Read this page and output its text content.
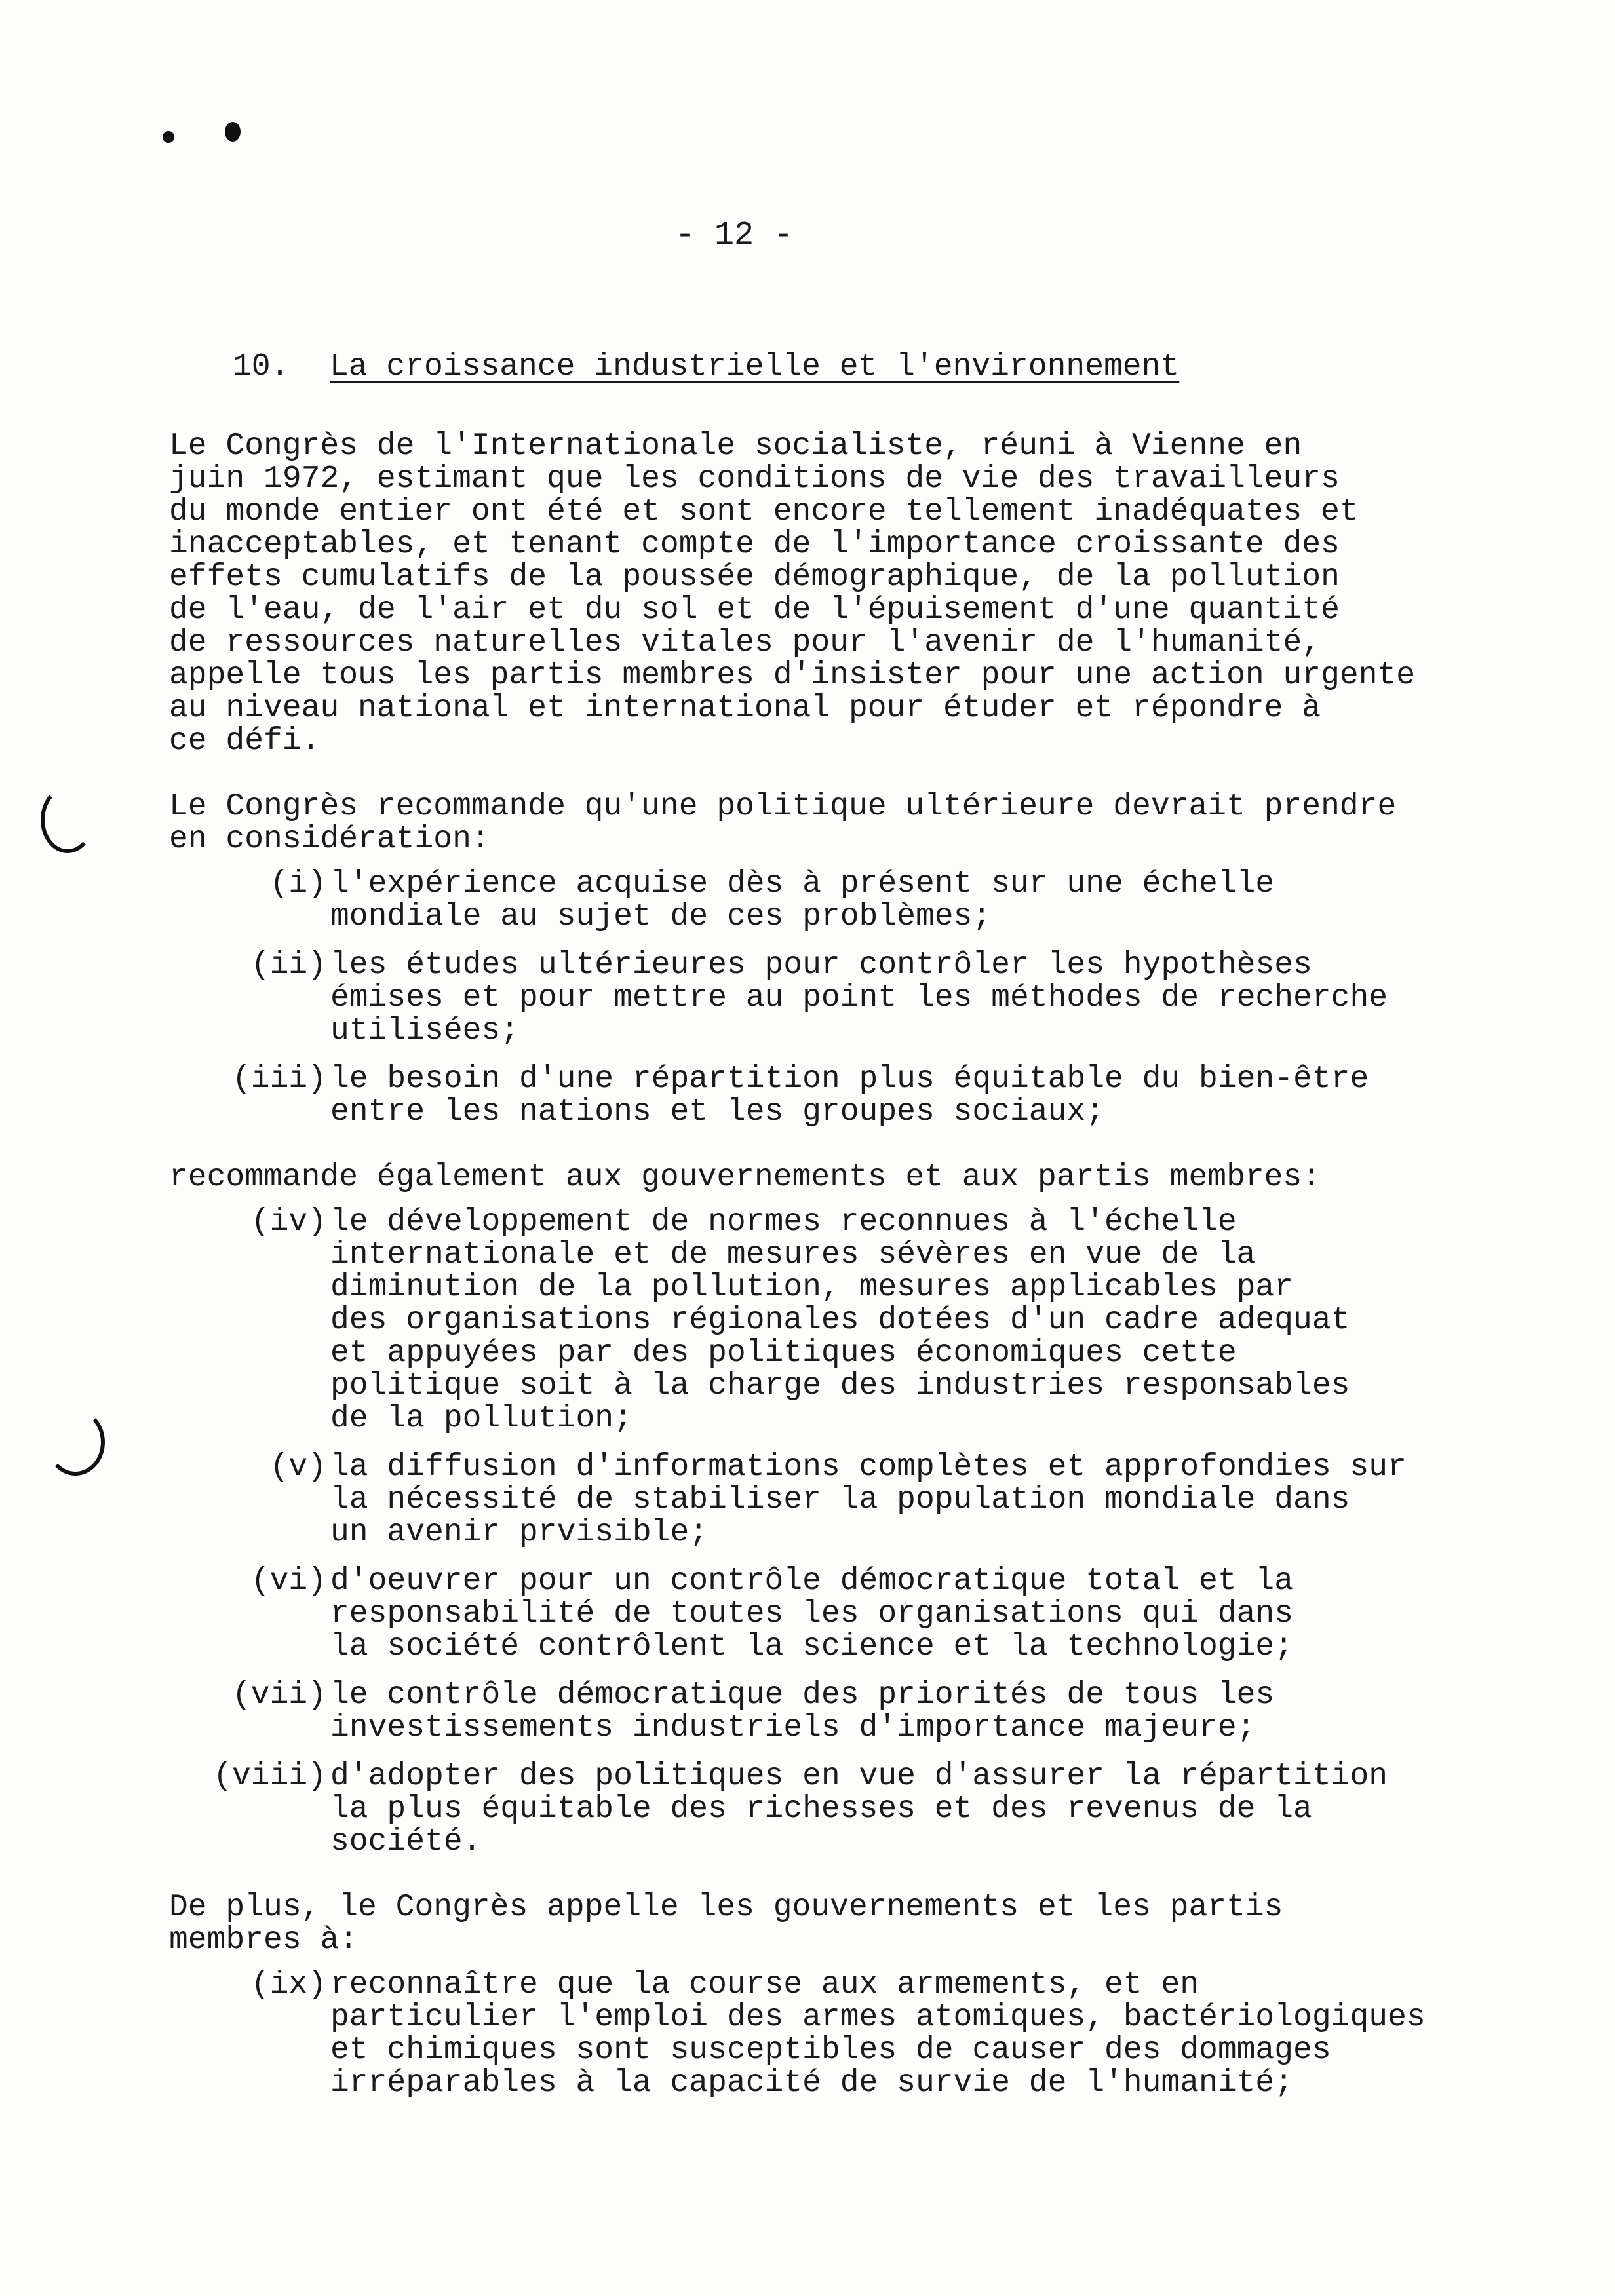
- 12 -
10. La croissance industrielle et l'environnement

Le Congrès de l'Internationale socialiste, réuni à Vienne en
juin 1972, estimant que les conditions de vie des travailleurs
du monde entier ont été et sont encore tellement inadéquates et
inacceptables, et tenant compte de l'importance croissante des
effets cumulatifs de la poussée démographique, de la pollution
de l'eau, de l'air et du sol et de l'épuisement d'une quantité
de ressources naturelles vitales pour l'avenir de l'humanité,
appelle tous les partis membres d'insister pour une action urgente
au niveau national et international pour étuder et répondre à
ce défi.

Le Congrès recommande qu'une politique ultérieure devrait prendre
en considération:

(i) l'expérience acquise dès à présent sur une échelle
mondiale au sujet de ces problèmes;
(ii) les études ultérieures pour contrôler les hypothèses
émises et pour mettre au point les méthodes de recherche
utilisées;
(iii) le besoin d'une répartition plus équitable du bien-être
entre les nations et les groupes sociaux;

recommande également aux gouvernements et aux partis membres:

(iv) le développement de normes reconnues à l'échelle
internationale et de mesures sévères en vue de la
diminution de la pollution, mesures applicables par
des organisations régionales dotées d'un cadre adequat
et appuyées par des politiques économiques cette
politique soit à la charge des industries responsables
de la pollution;
(v) la diffusion d'informations complètes et approfondies sur
la nécessité de stabiliser la population mondiale dans
un avenir prvisible;
(vi) d'oeuvrer pour un contrôle démocratique total et la
responsabilité de toutes les organisations qui dans
la société contrôlent la science et la technologie;
(vii) le contrôle démocratique des priorités de tous les
investissements industriels d'importance majeure;
(viii) d'adopter des politiques en vue d'assurer la répartition
la plus équitable des richesses et des revenus de la
société.

De plus, le Congrès appelle les gouvernements et les partis
membres à:

(ix) reconnaître que la course aux armements, et en
particulier l'emploi des armes atomiques, bactériologiques
et chimiques sont susceptibles de causer des dommages
irréparables à la capacité de survie de l'humanité;
